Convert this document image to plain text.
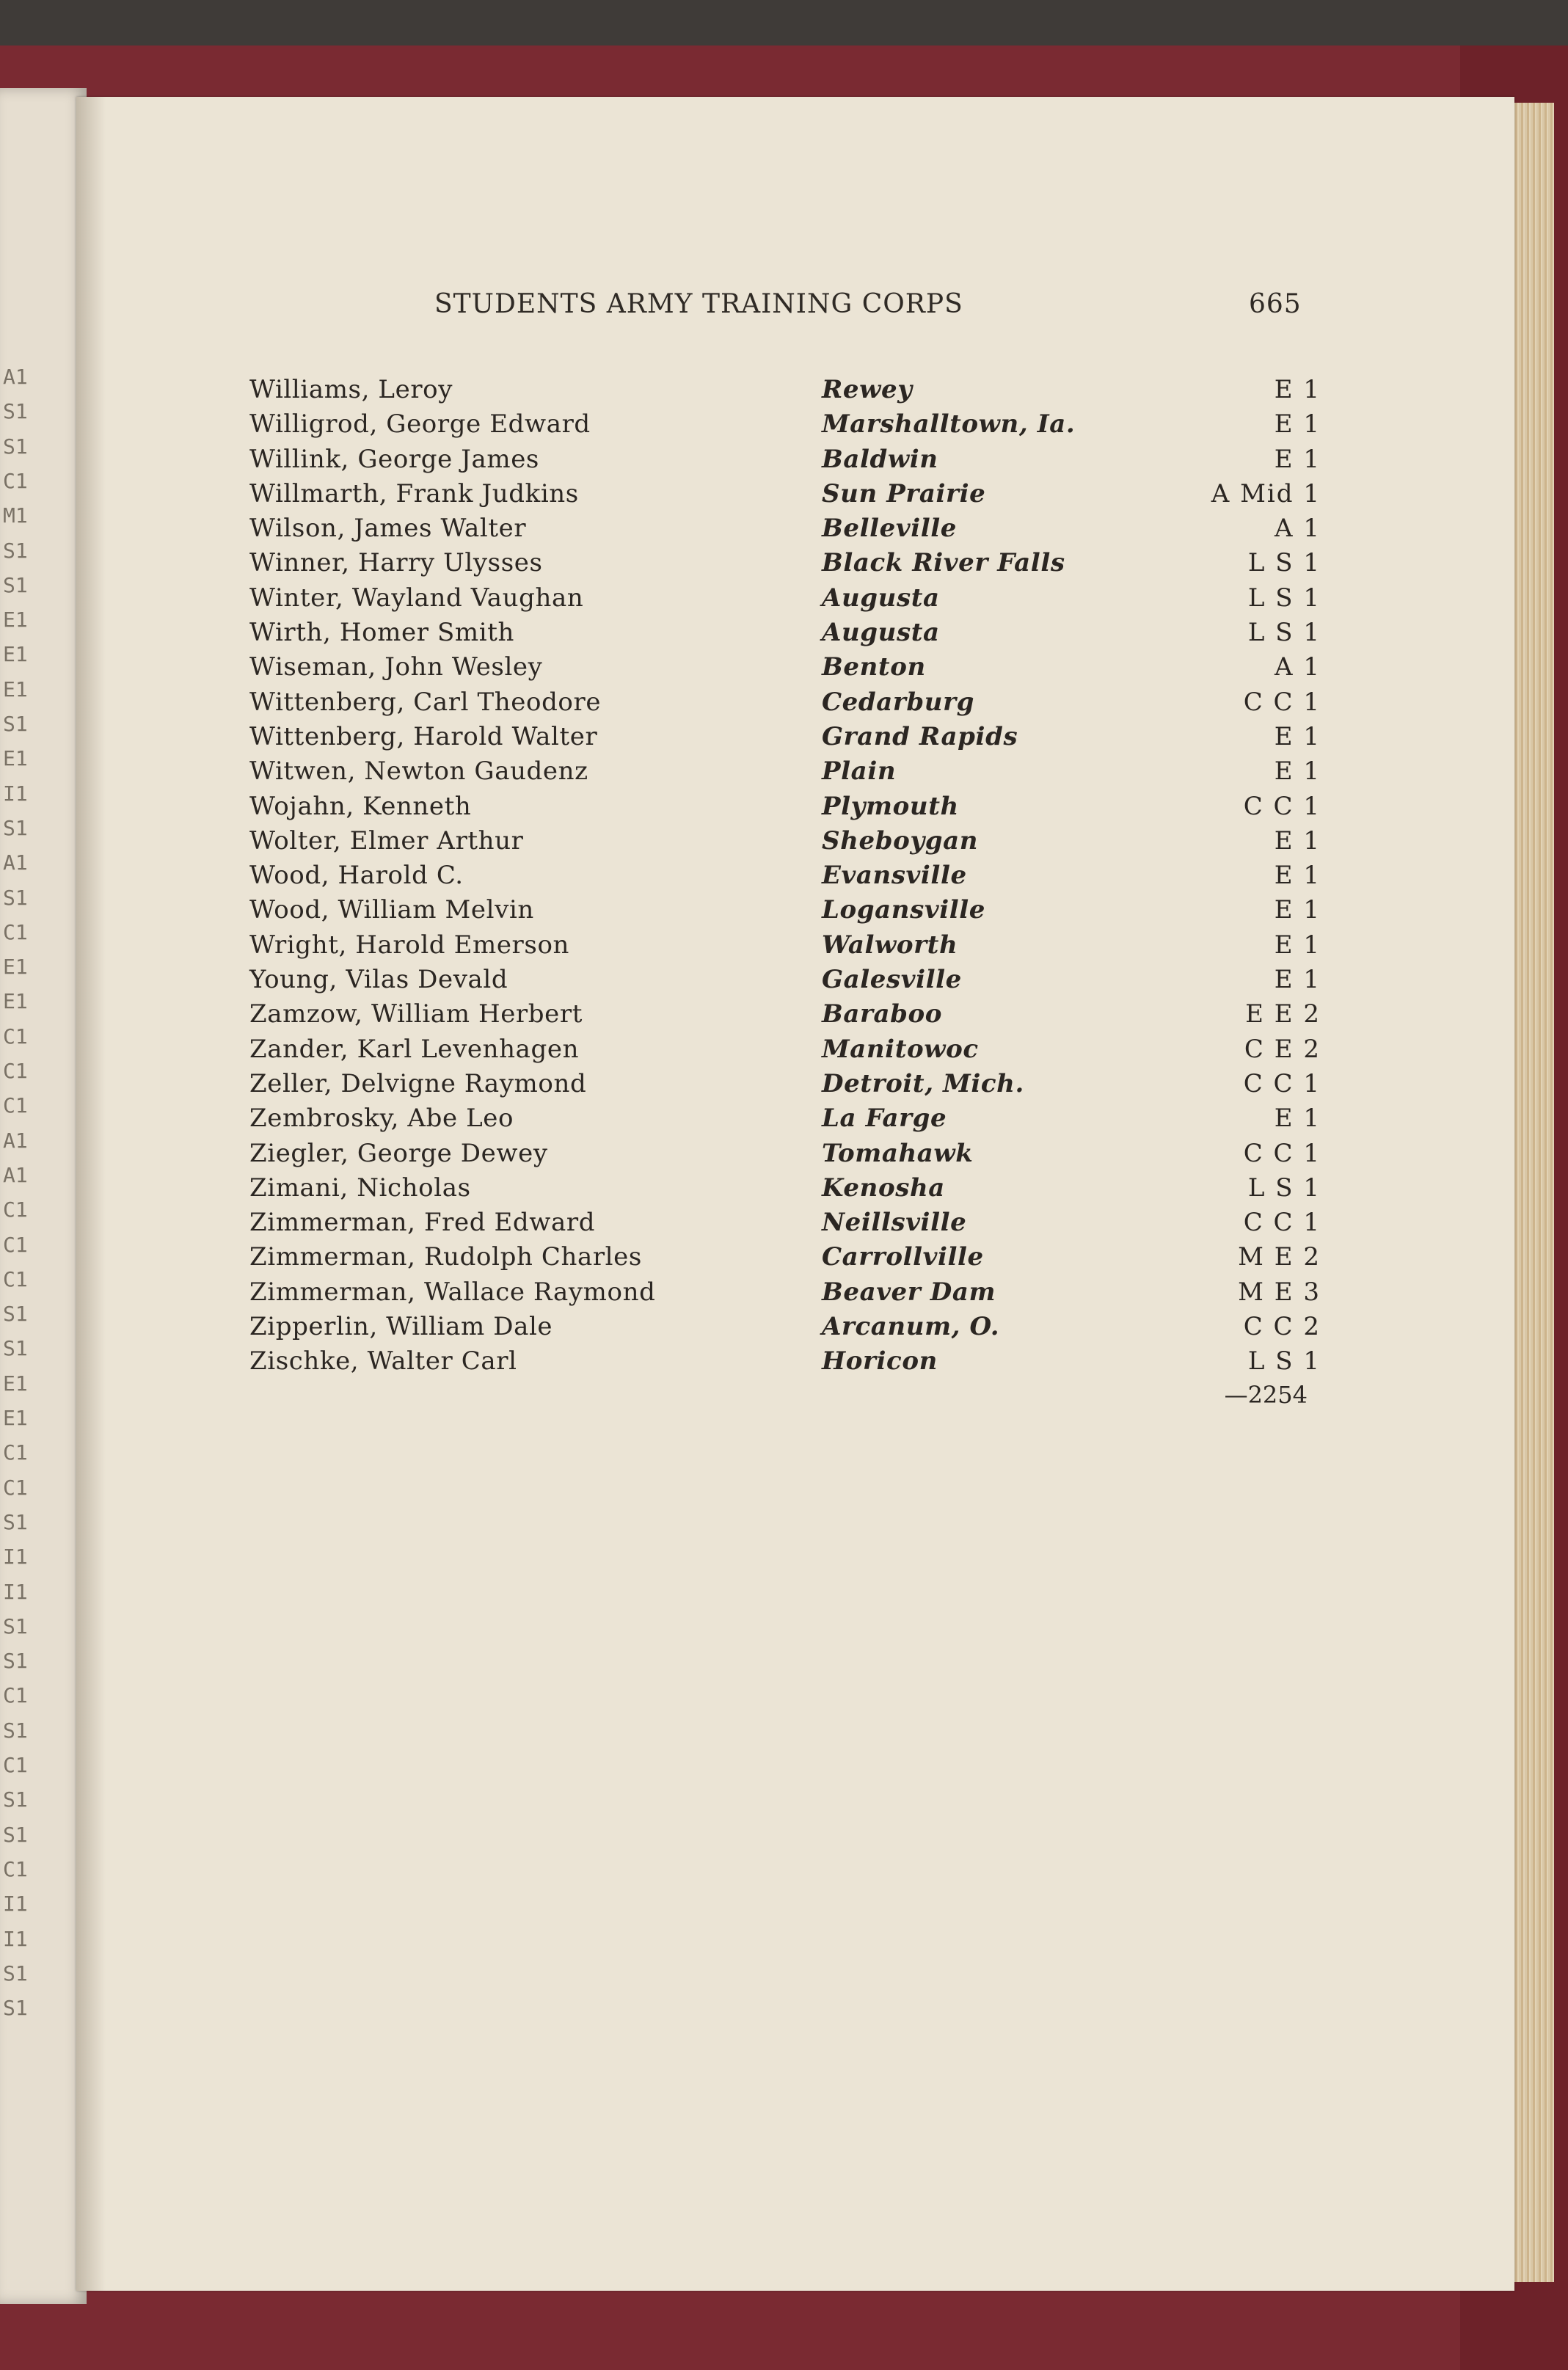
A1
S1
S1
C1
M1
S1
S1
E1
E1
E1
S1
E1
I1
S1
A1
S1
C1
E1
E1
C1
C1
C1
A1
A1
C1
C1
C1
S1
S1
E1
E1
C1
C1
S1
I1
I1
S1
S1
C1
S1
C1
S1
S1
C1
I1
I1
S1
S1
STUDENTS ARMY TRAINING CORPS	665
Williams, Leroy	Rewey	E 1
Willigrod, George Edward	Marshalltown, Ia.	E 1
Willink, George James	Baldwin	E 1
Willmarth, Frank Judkins	Sun Prairie	A Mid 1
Wilson, James Walter	Belleville	A 1
Winner, Harry Ulysses	Black River Falls	L S 1
Winter, Wayland Vaughan	Augusta	L S 1
Wirth, Homer Smith	Augusta	L S 1
Wiseman, John Wesley	Benton	A 1
Wittenberg, Carl Theodore	Cedarburg	C C 1
Wittenberg, Harold Walter	Grand Rapids	E 1
Witwen, Newton Gaudenz	Plain	E 1
Wojahn, Kenneth	Plymouth	C C 1
Wolter, Elmer Arthur	Sheboygan	E 1
Wood, Harold C.	Evansville	E 1
Wood, William Melvin	Logansville	E 1
Wright, Harold Emerson	Walworth	E 1
Young, Vilas Devald	Galesville	E 1
Zamzow, William Herbert	Baraboo	E E 2
Zander, Karl Levenhagen	Manitowoc	C E 2
Zeller, Delvigne Raymond	Detroit, Mich.	C C 1
Zembrosky, Abe Leo	La Farge	E 1
Ziegler, George Dewey	Tomahawk	C C 1
Zimani, Nicholas	Kenosha	L S 1
Zimmerman, Fred Edward	Neillsville	C C 1
Zimmerman, Rudolph Charles	Carrollville	M E 2
Zimmerman, Wallace Raymond	Beaver Dam	M E 3
Zipperlin, William Dale	Arcanum, O.	C C 2
Zischke, Walter Carl	Horicon	L S 1
—2254
